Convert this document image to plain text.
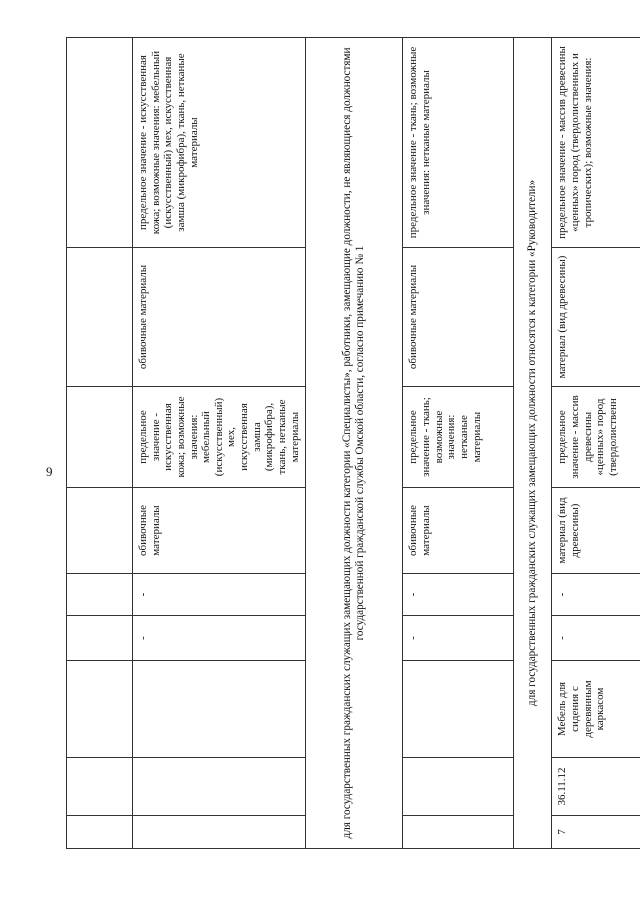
9

			-	-	обивочные материалы	предельное значение - искусственная кожа; возможные значения: мебельный (искусственный) мех, искусственная замша (микрофибра), ткань, нетканые материалы	обивочные материалы	предельное значение - искусственная кожа; возможные значения: мебельный (искусственный) мех, искусственная замша (микрофибра), ткань, нетканые материалы
для государственных гражданских служащих замещающих должности категории «Специалисты», работники, замещающие должности, не являющиеся должностями государственной гражданской службы Омской области, согласно примечанию № 1								
			-	-	обивочные материалы	предельное значение - ткань; возможные значения: нетканые материалы	обивочные материалы	предельное значение - ткань; возможные значения: нетканые материалы
для государственных гражданских служащих замещающих должности относятся к категории «Руководители»								
7	36.11.12	Мебель для сидения с деревянным каркасом	-	-	материал (вид древесины)	предельное значение - массив древесины «ценных» пород (твердолиственн	материал (вид древесины)	предельное значение - массив древесины «ценных» пород (твердолиственных и тропических); возможные значения:
